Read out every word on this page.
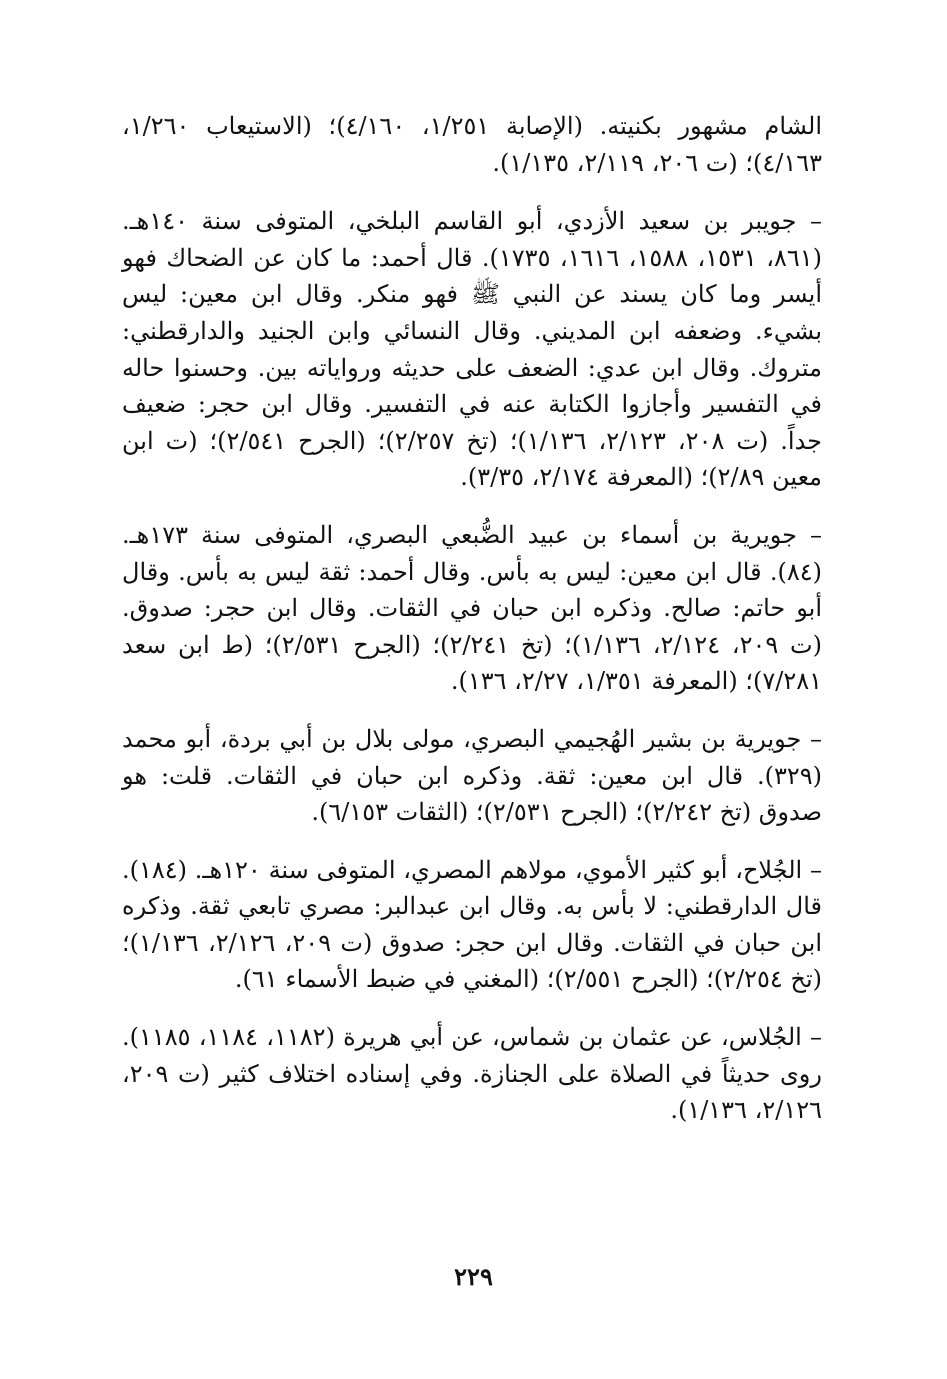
الشام مشهور بكنيته. (الإصابة ١/٢٥١، ٤/١٦٠)؛ (الاستيعاب ١/٢٦٠، ٤/١٦٣)؛ (ت ٢٠٦، ٢/١١٩، ١/١٣٥).

– جويبر بن سعيد الأزدي، أبو القاسم البلخي، المتوفى سنة ١٤٠هـ. (٨٦١، ١٥٣١، ١٥٨٨، ١٦١٦، ١٧٣٥). قال أحمد: ما كان عن الضحاك فهو أيسر وما كان يسند عن النبي ﷺ فهو منكر. وقال ابن معين: ليس بشيء. وضعفه ابن المديني. وقال النسائي وابن الجنيد والدارقطني: متروك. وقال ابن عدي: الضعف على حديثه ورواياته بين. وحسنوا حاله في التفسير وأجازوا الكتابة عنه في التفسير. وقال ابن حجر: ضعيف جداً. (ت ٢٠٨، ٢/١٢٣، ١/١٣٦)؛ (تخ ٢/٢٥٧)؛ (الجرح ٢/٥٤١)؛ (ت ابن معين ٢/٨٩)؛ (المعرفة ٢/١٧٤، ٣/٣٥).

– جويرية بن أسماء بن عبيد الضُّبعي البصري، المتوفى سنة ١٧٣هـ. (٨٤). قال ابن معين: ليس به بأس. وقال أحمد: ثقة ليس به بأس. وقال أبو حاتم: صالح. وذكره ابن حبان في الثقات. وقال ابن حجر: صدوق. (ت ٢٠٩، ٢/١٢٤، ١/١٣٦)؛ (تخ ٢/٢٤١)؛ (الجرح ٢/٥٣١)؛ (ط ابن سعد ٧/٢٨١)؛ (المعرفة ١/٣٥١، ٢/٢٧، ١٣٦).

– جويرية بن بشير الهُجيمي البصري، مولى بلال بن أبي بردة، أبو محمد (٣٢٩). قال ابن معين: ثقة. وذكره ابن حبان في الثقات. قلت: هو صدوق (تخ ٢/٢٤٢)؛ (الجرح ٢/٥٣١)؛ (الثقات ٦/١٥٣).

– الجُلاح، أبو كثير الأموي، مولاهم المصري، المتوفى سنة ١٢٠هـ. (١٨٤). قال الدارقطني: لا بأس به. وقال ابن عبدالبر: مصري تابعي ثقة. وذكره ابن حبان في الثقات. وقال ابن حجر: صدوق (ت ٢٠٩، ٢/١٢٦، ١/١٣٦)؛ (تخ ٢/٢٥٤)؛ (الجرح ٢/٥٥١)؛ (المغني في ضبط الأسماء ٦١).

– الجُلاس، عن عثمان بن شماس، عن أبي هريرة (١١٨٢، ١١٨٤، ١١٨٥). روى حديثاً في الصلاة على الجنازة. وفي إسناده اختلاف كثير (ت ٢٠٩، ٢/١٢٦، ١/١٣٦).

٢٢٩
